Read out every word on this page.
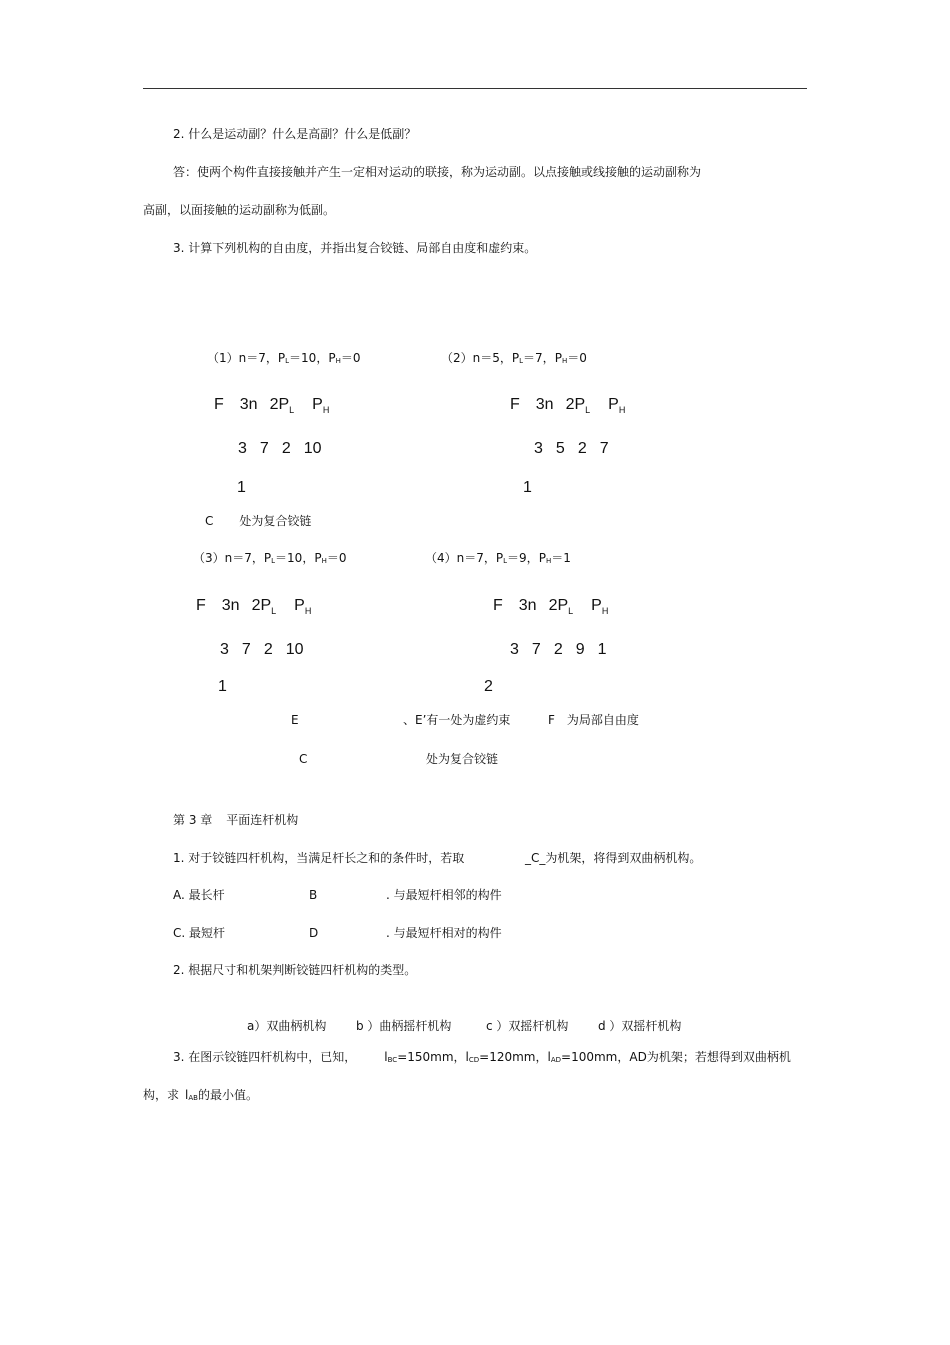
2. 什么是运动副？什么是高副？什么是低副？
答：使两个构件直接接触并产生一定相对运动的联接，称为运动副。以点接触或线接触的运动副称为
高副，以面接触的运动副称为低副。
3. 计算下列机构的自由度，并指出复合铰链、局部自由度和虚约束。
（1）n＝7，PL＝10，PH＝0
F 3n $2P_L$ $P_H$
3 7 2 10
1
C 处为复合铰链
（2）n＝5，PL＝7，PH＝0
F 3n $2P_L$ $P_H$
3 5 2 7
1
（3）n＝7，PL＝10，PH＝0
F 3n $2P_L$ $P_H$
3 7 2 10
1
（4）n＝7，PL＝9，PH＝1
F 3n $2P_L$ $P_H$
3 7 2 9 1
2
E	、E’有一处为虚约束	F 为局部自由度
C	处为复合铰链
第 3 章 平面连杆机构
1. 对于铰链四杆机构，当满足杆长之和的条件时，若取	_C_为机架，将得到双曲柄机构。
A. 最长杆	B	. 与最短杆相邻的构件
C. 最短杆	D	. 与最短杆相对的构件
2. 根据尺寸和机架判断铰链四杆机构的类型。
a）双曲柄机构 b ）曲柄摇杆机构	c ）双摇杆机构 d ）双摇杆机构
3. 在图示铰链四杆机构中，已知， lBC=150mm，lCD=120mm，lAD=100mm，AD为机架；若想得到双曲柄机
构，求 lAB的最小值。
